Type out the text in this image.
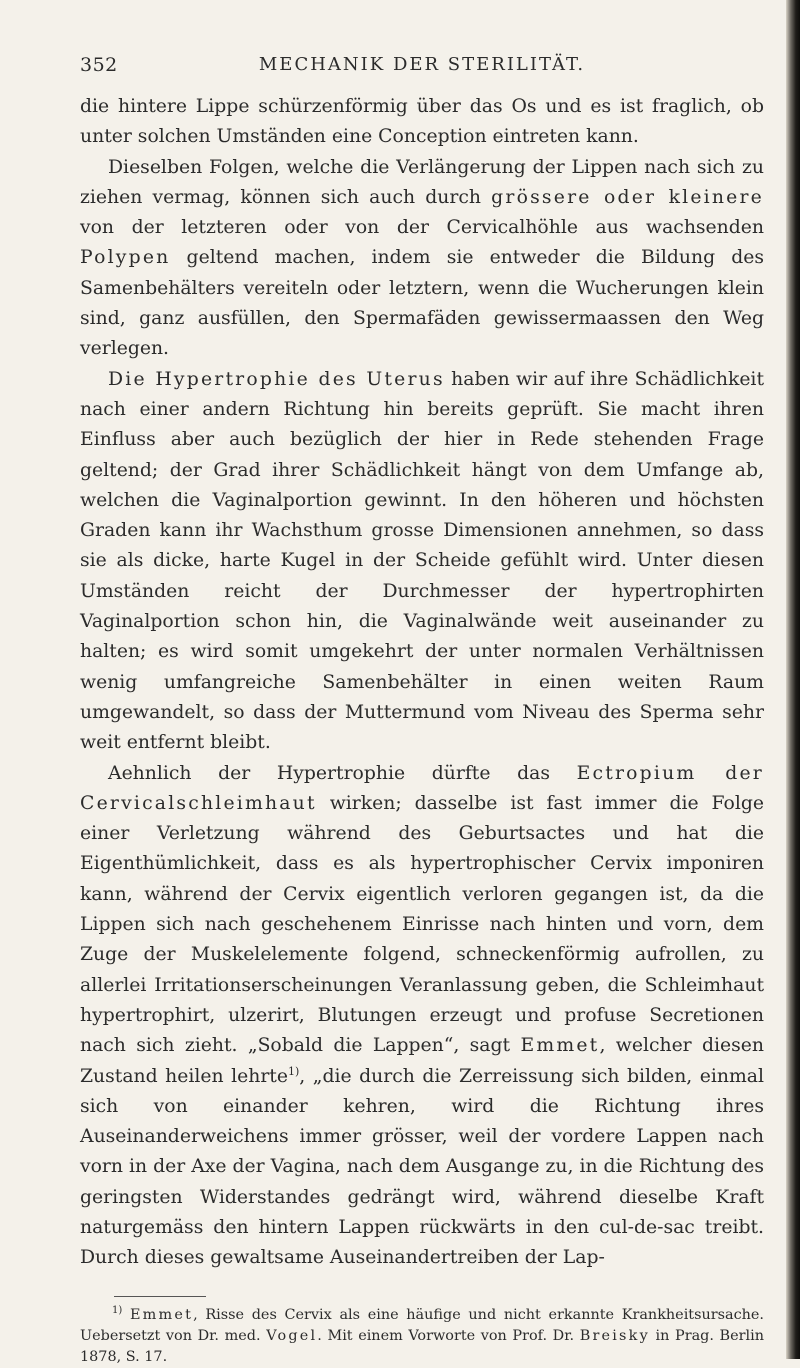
352	MECHANIK DER STERILITÄT.

die hintere Lippe schürzenförmig über das Os und es ist fraglich, ob unter solchen Umständen eine Conception eintreten kann.

Dieselben Folgen, welche die Verlängerung der Lippen nach sich zu ziehen vermag, können sich auch durch grössere oder kleinere von der letzteren oder von der Cervicalhöhle aus wachsenden Polypen geltend machen, indem sie entweder die Bildung des Samenbehälters vereiteln oder letztern, wenn die Wucherungen klein sind, ganz ausfüllen, den Spermafäden gewissermaassen den Weg verlegen.

Die Hypertrophie des Uterus haben wir auf ihre Schädlichkeit nach einer andern Richtung hin bereits geprüft. Sie macht ihren Einfluss aber auch bezüglich der hier in Rede stehenden Frage geltend; der Grad ihrer Schädlichkeit hängt von dem Umfange ab, welchen die Vaginalportion gewinnt. In den höheren und höchsten Graden kann ihr Wachsthum grosse Dimensionen annehmen, so dass sie als dicke, harte Kugel in der Scheide gefühlt wird. Unter diesen Umständen reicht der Durchmesser der hypertrophirten Vaginalportion schon hin, die Vaginalwände weit auseinander zu halten; es wird somit umgekehrt der unter normalen Verhältnissen wenig umfangreiche Samenbehälter in einen weiten Raum umgewandelt, so dass der Muttermund vom Niveau des Sperma sehr weit entfernt bleibt.

Aehnlich der Hypertrophie dürfte das Ectropium der Cervicalschleimhaut wirken; dasselbe ist fast immer die Folge einer Verletzung während des Geburtsactes und hat die Eigenthümlichkeit, dass es als hypertrophischer Cervix imponiren kann, während der Cervix eigentlich verloren gegangen ist, da die Lippen sich nach geschehenem Einrisse nach hinten und vorn, dem Zuge der Muskelelemente folgend, schneckenförmig aufrollen, zu allerlei Irritationserscheinungen Veranlassung geben, die Schleimhaut hypertrophirt, ulzerirt, Blutungen erzeugt und profuse Secretionen nach sich zieht. „Sobald die Lappen“, sagt Emmet, welcher diesen Zustand heilen lehrte$^{1)}$, „die durch die Zerreissung sich bilden, einmal sich von einander kehren, wird die Richtung ihres Auseinanderweichens immer grösser, weil der vordere Lappen nach vorn in der Axe der Vagina, nach dem Ausgange zu, in die Richtung des geringsten Widerstandes gedrängt wird, während dieselbe Kraft naturgemäss den hintern Lappen rückwärts in den cul-de-sac treibt. Durch dieses gewaltsame Auseinandertreiben der Lap-

$^{1)}$ Emmet, Risse des Cervix als eine häufige und nicht erkannte Krankheitsursache. Uebersetzt von Dr. med. Vogel. Mit einem Vorworte von Prof. Dr. Breisky in Prag. Berlin 1878, S. 17.
